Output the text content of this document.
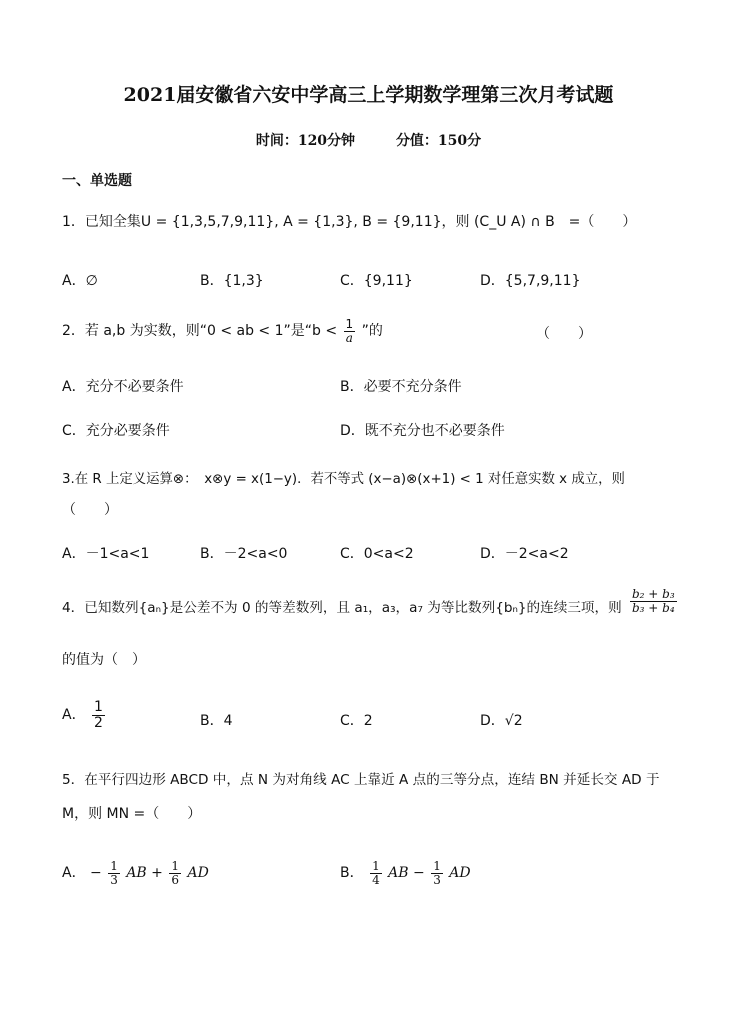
2021届安徽省六安中学高三上学期数学理第三次月考试题
时间：120分钟	分值：150分
一、单选题
1．已知全集U = {1,3,5,7,9,11}, A = {1,3}, B = {9,11}，则 (C_U A) ∩ B　=（　　）
A．∅	B．{1,3}	C．{9,11}	D．{5,7,9,11}
2．若 a,b 为实数，则“0 < ab < 1”是“$b < \frac{1}{a}$ ”的	（　　）
A．充分不必要条件	B．必要不充分条件
C．充分必要条件	D．既不充分也不必要条件
3.在 R 上定义运算⊗：　x⊗y = x(1−y)．若不等式 (x−a)⊗(x+1) < 1 对任意实数 x 成立，则
（　　）
A．－1<a<1	B．－2<a<0	C．0<a<2	D．－2<a<2
4．已知数列{aₙ}是公差不为 0 的等差数列，且 a₁，a₃，a₇ 为等比数列{bₙ}的连续三项，则 $\frac{\text{b₂ + b₃}}{\text{b₃ + b₄}}$
的值为（　）
A． $\frac{1}{2}$	B．4	C．2	D．√2
5．在平行四边形 ABCD 中，点 N 为对角线 AC 上靠近 A 点的三等分点，连结 BN 并延长交 AD 于
M，则 MN =（　　）
A． − $\frac{1}{3}$ AB + $\frac{1}{6}$ AD	B． $\frac{1}{4}$ AB − $\frac{1}{3}$ AD
